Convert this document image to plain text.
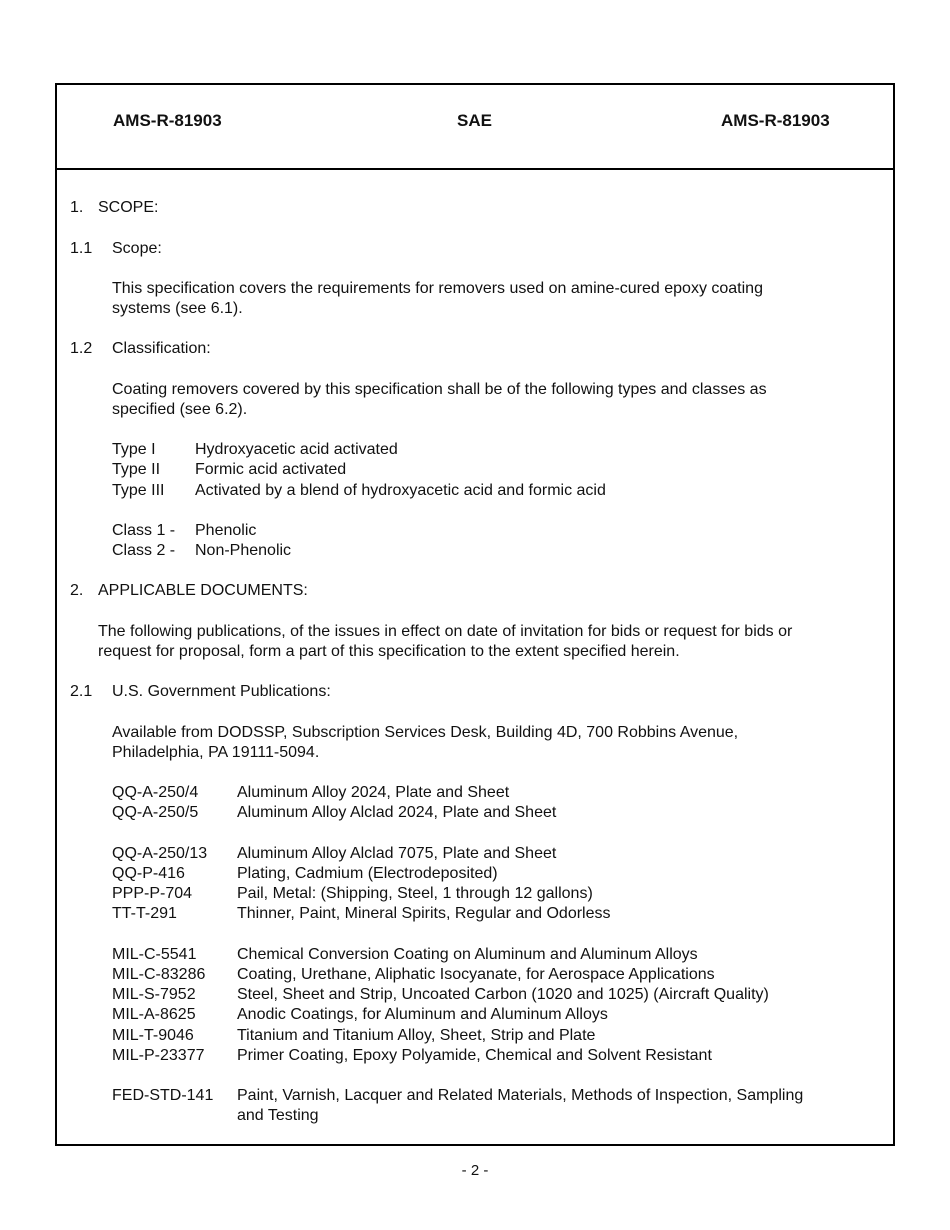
AMS-R-81903	SAE	AMS-R-81903
1. SCOPE:
1.1 Scope:
This specification covers the requirements for removers used on amine-cured epoxy coating
systems (see 6.1).
1.2 Classification:
Coating removers covered by this specification shall be of the following types and classes as
specified (see 6.2).
Type I Hydroxyacetic acid activated
Type II Formic acid activated
Type III Activated by a blend of hydroxyacetic acid and formic acid
Class 1 - Phenolic
Class 2 - Non-Phenolic
2. APPLICABLE DOCUMENTS:
The following publications, of the issues in effect on date of invitation for bids or request for bids or
request for proposal, form a part of this specification to the extent specified herein.
2.1 U.S. Government Publications:
Available from DODSSP, Subscription Services Desk, Building 4D, 700 Robbins Avenue,
Philadelphia, PA 19111-5094.
QQ-A-250/4 Aluminum Alloy 2024, Plate and Sheet
QQ-A-250/5 Aluminum Alloy Alclad 2024, Plate and Sheet
QQ-A-250/13 Aluminum Alloy Alclad 7075, Plate and Sheet
QQ-P-416	Plating, Cadmium (Electrodeposited)
PPP-P-704	Pail, Metal: (Shipping, Steel, 1 through 12 gallons)
TT-T-291	Thinner, Paint, Mineral Spirits, Regular and Odorless
MIL-C-5541	Chemical Conversion Coating on Aluminum and Aluminum Alloys
MIL-C-83286 Coating, Urethane, Aliphatic Isocyanate, for Aerospace Applications
MIL-S-7952	Steel, Sheet and Strip, Uncoated Carbon (1020 and 1025) (Aircraft Quality)
MIL-A-8625	Anodic Coatings, for Aluminum and Aluminum Alloys
MIL-T-9046	Titanium and Titanium Alloy, Sheet, Strip and Plate
MIL-P-23377 Primer Coating, Epoxy Polyamide, Chemical and Solvent Resistant
FED-STD-141 Paint, Varnish, Lacquer and Related Materials, Methods of Inspection, Sampling
and Testing
- 2 -
